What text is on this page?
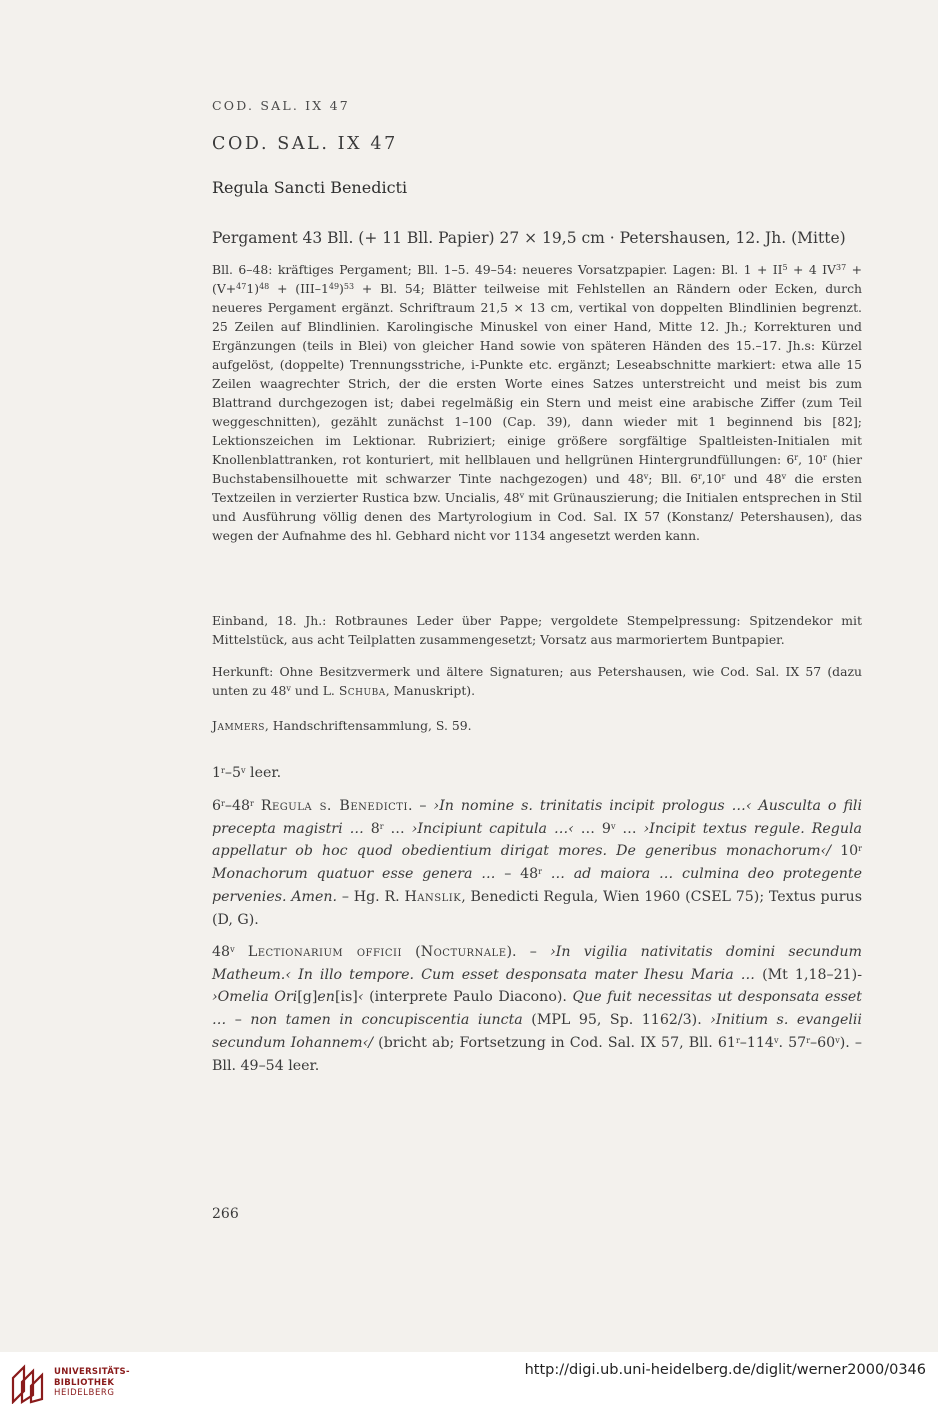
COD. SAL. IX 47
COD. SAL. IX 47
Regula Sancti Benedicti
Pergament 43 Bll. (+ 11 Bll. Papier) 27 × 19,5 cm · Petershausen, 12. Jh. (Mitte)
Bll. 6–48: kräftiges Pergament; Bll. 1–5. 49–54: neueres Vorsatzpapier. Lagen: Bl. $1 + II^5 + 4$ $IV^{37} + (V+^{47}1)^{48} + (III-1^{49})^{53} + Bl$. 54; Blätter teilweise mit Fehlstellen an Rändern oder Ecken, durch neueres Pergament ergänzt. Schriftraum 21,5 × 13 cm, vertikal von doppelten Blindlinien begrenzt. 25 Zeilen auf Blindlinien. Karolingische Minuskel von einer Hand, Mitte 12. Jh.; Korrekturen und Ergänzungen (teils in Blei) von gleicher Hand sowie von späteren Händen des 15.–17. Jh.s: Kürzel aufgelöst, (doppelte) Trennungsstriche, i-Punkte etc. ergänzt; Leseabschnitte markiert: etwa alle 15 Zeilen waagrechter Strich, der die ersten Worte eines Satzes unterstreicht und meist bis zum Blattrand durchgezogen ist; dabei regelmäßig ein Stern und meist eine arabische Ziffer (zum Teil weggeschnitten), gezählt zunächst 1–100 (Cap. 39), dann wieder mit 1 beginnend bis [82]; Lektionszeichen im Lektionar. Rubriziert; einige größere sorgfältige Spaltleisten-Initialen mit Knollenblattranken, rot konturiert, mit hellblauen und hellgrünen Hintergrundfüllungen: 6$^r$, 10$^r$ (hier Buchstabensilhouette mit schwarzer Tinte nachgezogen) und 48$^v$; Bll. 6$^r$,10$^r$ und 48$^v$ die ersten Textzeilen in verzierter Rustica bzw. Uncialis, 48$^v$ mit Grünauszierung; die Initialen entsprechen in Stil und Ausführung völlig denen des Martyrologium in Cod. Sal. IX 57 (Konstanz/ Petershausen), das wegen der Aufnahme des hl. Gebhard nicht vor 1134 angesetzt werden kann.
Einband, 18. Jh.: Rotbraunes Leder über Pappe; vergoldete Stempelpressung: Spitzendekor mit Mittelstück, aus acht Teilplatten zusammengesetzt; Vorsatz aus marmoriertem Buntpapier.
Herkunft: Ohne Besitzvermerk und ältere Signaturen; aus Petershausen, wie Cod. Sal. IX 57 (dazu unten zu 48$^v$ und L. Schuba, Manuskript).
Jammers, Handschriftensammlung, S. 59.
1$^r$–5$^v$ leer.
6$^r$–48$^r$ Regula s. Benedicti. – ›In nomine s. trinitatis incipit prologus …‹ Ausculta o fili precepta magistri … 8$^r$ … ›Incipiunt capitula …‹ … 9$^v$ … ›Incipit textus regule. Regula appellatur ob hoc quod obedientium dirigat mores. De generibus monachorum‹/ 10$^r$ Monachorum quatuor esse genera … – 48$^r$ … ad maiora … culmina deo protegente pervenies. Amen. – Hg. R. Hanslik, Benedicti Regula, Wien 1960 (CSEL 75); Textus purus (D, G).
48$^v$ Lectionarium officii (Nocturnale). – ›In vigilia nativitatis domini secundum Matheum.‹ In illo tempore. Cum esset desponsata mater Ihesu Maria … (Mt 1,18–21)- ›Omelia Ori[g]en[is]‹ (interprete Paulo Diacono). Que fuit necessitas ut desponsata esset … – non tamen in concupiscentia iuncta (MPL 95, Sp. 1162/3). ›Initium s. evangelii secundum Iohannem‹/ (bricht ab; Fortsetzung in Cod. Sal. IX 57, Bll. 61$^r$–114$^v$. 57$^r$–60$^v$). – Bll. 49–54 leer.
266
UNIVERSITÄTS-
BIBLIOTHEK
HEIDELBERG
http://digi.ub.uni-heidelberg.de/diglit/werner2000/0346
